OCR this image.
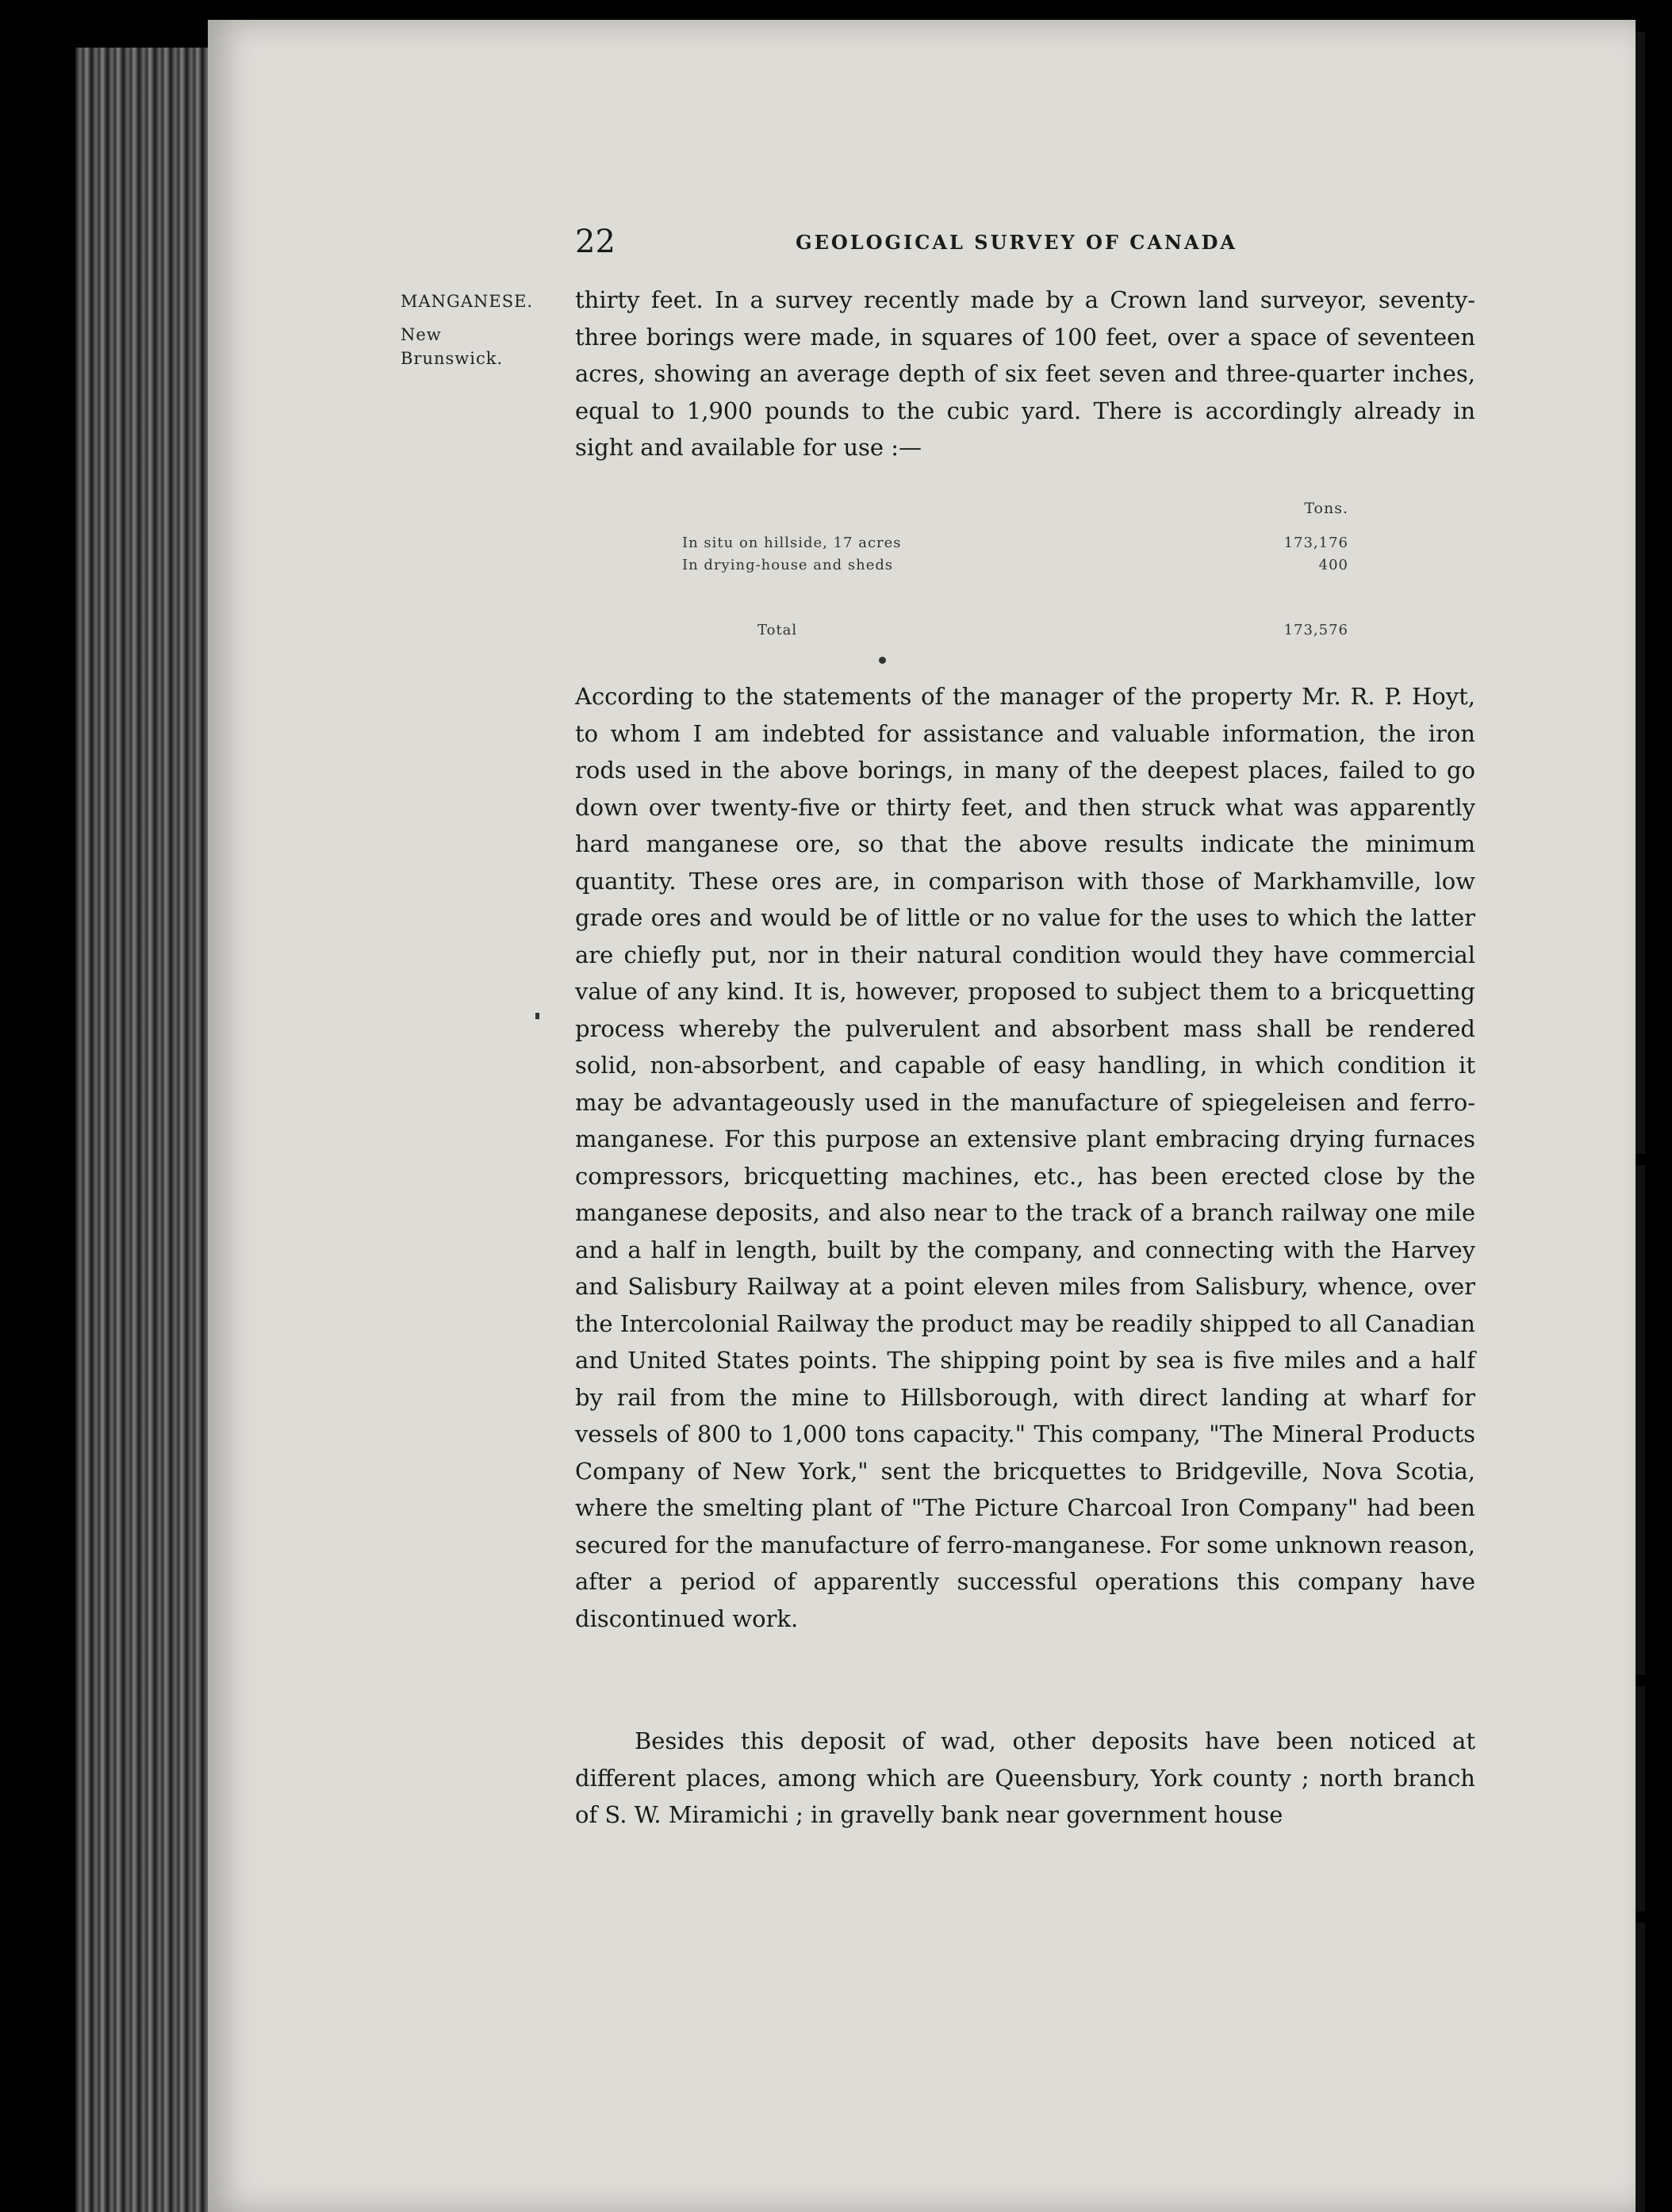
22	GEOLOGICAL SURVEY OF CANADA
MANGANESE.
New
Brunswick.

thirty feet. In a survey recently made by a Crown land surveyor, seventy-three borings were made, in squares of 100 feet, over a space of seventeen acres, showing an average depth of six feet seven and three-quarter inches, equal to 1,900 pounds to the cubic yard. There is accordingly already in sight and available for use :—

Tons.
In situ on hillside, 17 acres	173,176
In drying-house and sheds	400
Total	173,576

According to the statements of the manager of the property Mr. R. P. Hoyt, to whom I am indebted for assistance and valuable information, the iron rods used in the above borings, in many of the deepest places, failed to go down over twenty-five or thirty feet, and then struck what was apparently hard manganese ore, so that the above results indicate the minimum quantity. These ores are, in comparison with those of Markhamville, low grade ores and would be of little or no value for the uses to which the latter are chiefly put, nor in their natural condition would they have commercial value of any kind. It is, however, proposed to subject them to a bricquetting process whereby the pulverulent and absorbent mass shall be rendered solid, non-absorbent, and capable of easy handling, in which condition it may be advantageously used in the manufacture of spiegeleisen and ferro-manganese. For this purpose an extensive plant embracing drying furnaces compressors, bricquetting machines, etc., has been erected close by the manganese deposits, and also near to the track of a branch railway one mile and a half in length, built by the company, and connecting with the Harvey and Salisbury Railway at a point eleven miles from Salisbury, whence, over the Intercolonial Railway the product may be readily shipped to all Canadian and United States points. The shipping point by sea is five miles and a half by rail from the mine to Hillsborough, with direct landing at wharf for vessels of 800 to 1,000 tons capacity." This company, "The Mineral Products Company of New York," sent the bricquettes to Bridgeville, Nova Scotia, where the smelting plant of "The Picture Charcoal Iron Company" had been secured for the manufacture of ferro-manganese. For some unknown reason, after a period of apparently successful operations this company have discontinued work.

Besides this deposit of wad, other deposits have been noticed at different places, among which are Queensbury, York county ; north branch of S. W. Miramichi ; in gravelly bank near government house
